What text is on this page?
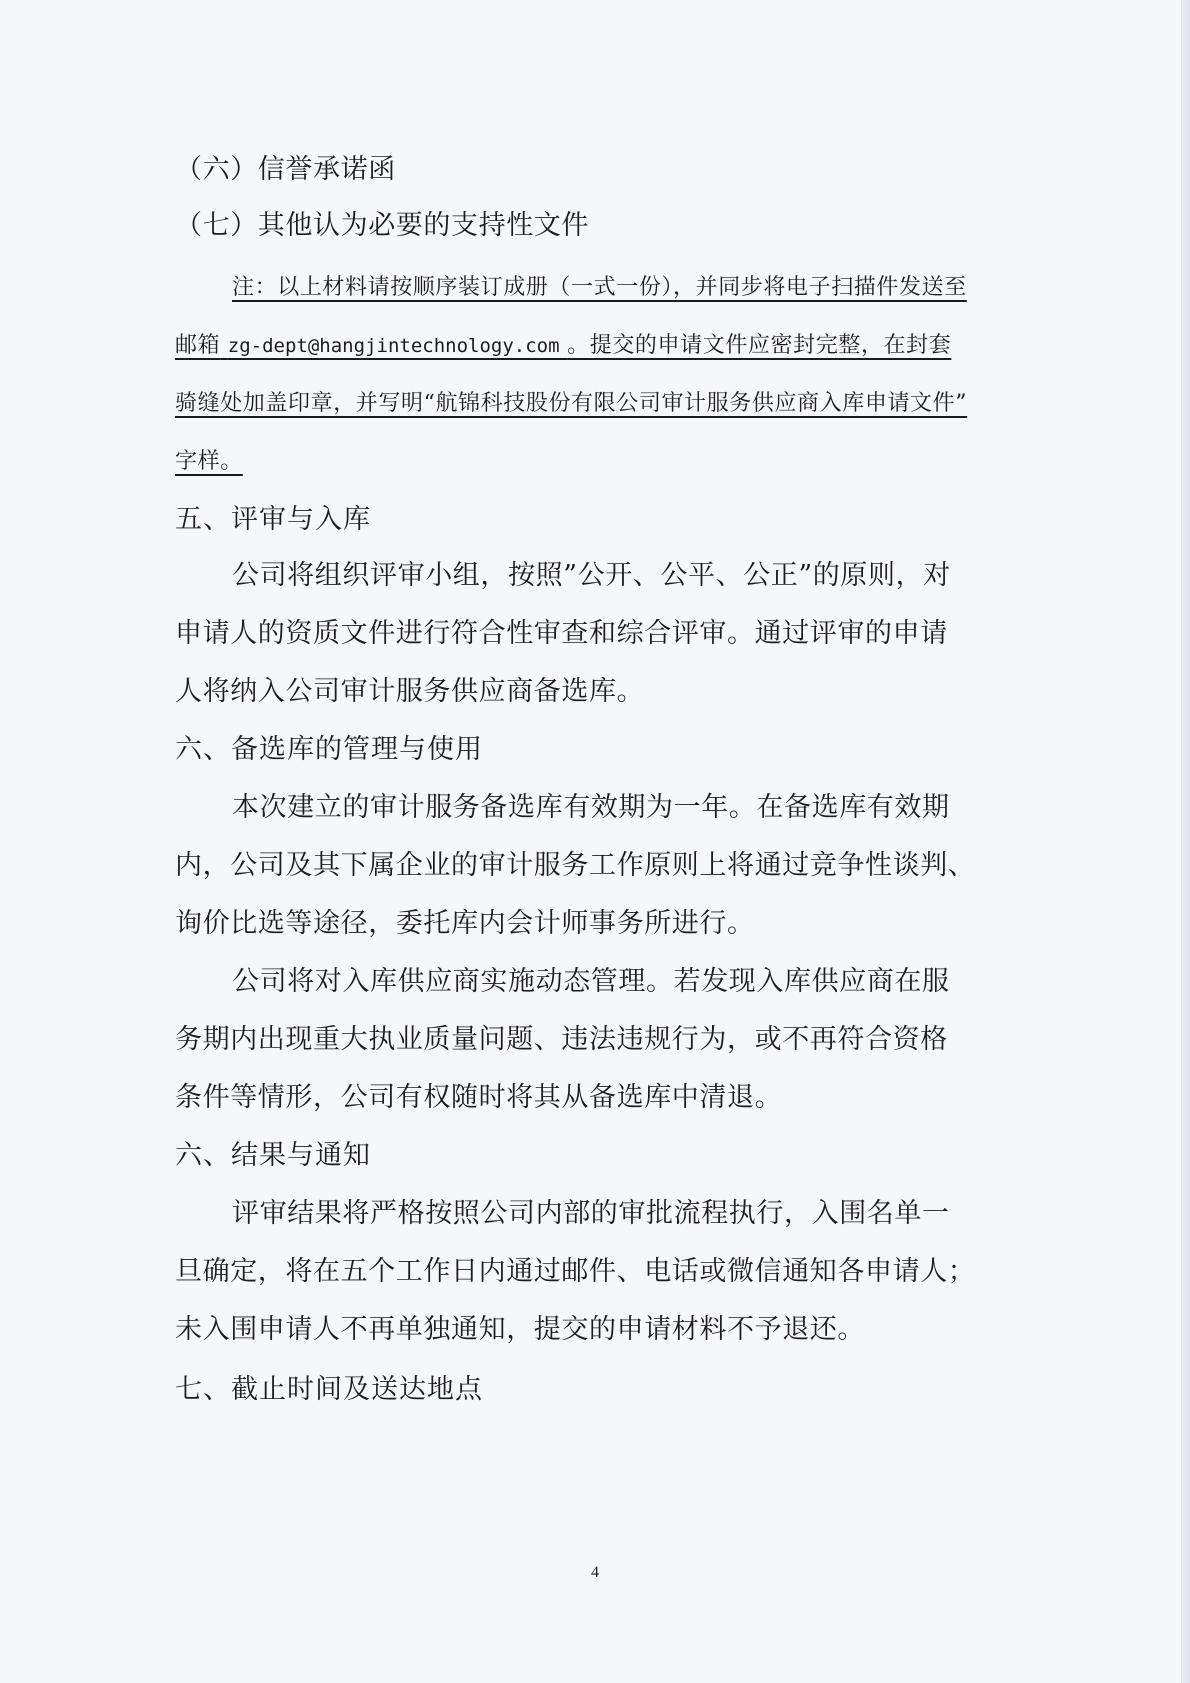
（六）信誉承诺函

（七）其他认为必要的支持性文件

注：以上材料请按顺序装订成册（一式一份），并同步将电子扫描件发送至

邮箱 zg-dept@hangjintechnology.com 。提交的申请文件应密封完整，在封套

骑缝处加盖印章，并写明“航锦科技股份有限公司审计服务供应商入库申请文件”

字样。

五、评审与入库

公司将组织评审小组，按照”公开、公平、公正”的原则，对

申请人的资质文件进行符合性审查和综合评审。通过评审的申请

人将纳入公司审计服务供应商备选库。

六、备选库的管理与使用

本次建立的审计服务备选库有效期为一年。在备选库有效期

内，公司及其下属企业的审计服务工作原则上将通过竞争性谈判、

询价比选等途径，委托库内会计师事务所进行。

公司将对入库供应商实施动态管理。若发现入库供应商在服

务期内出现重大执业质量问题、违法违规行为，或不再符合资格

条件等情形，公司有权随时将其从备选库中清退。

六、结果与通知

评审结果将严格按照公司内部的审批流程执行，入围名单一

旦确定，将在五个工作日内通过邮件、电话或微信通知各申请人；

未入围申请人不再单独通知，提交的申请材料不予退还。

七、截止时间及送达地点
4
